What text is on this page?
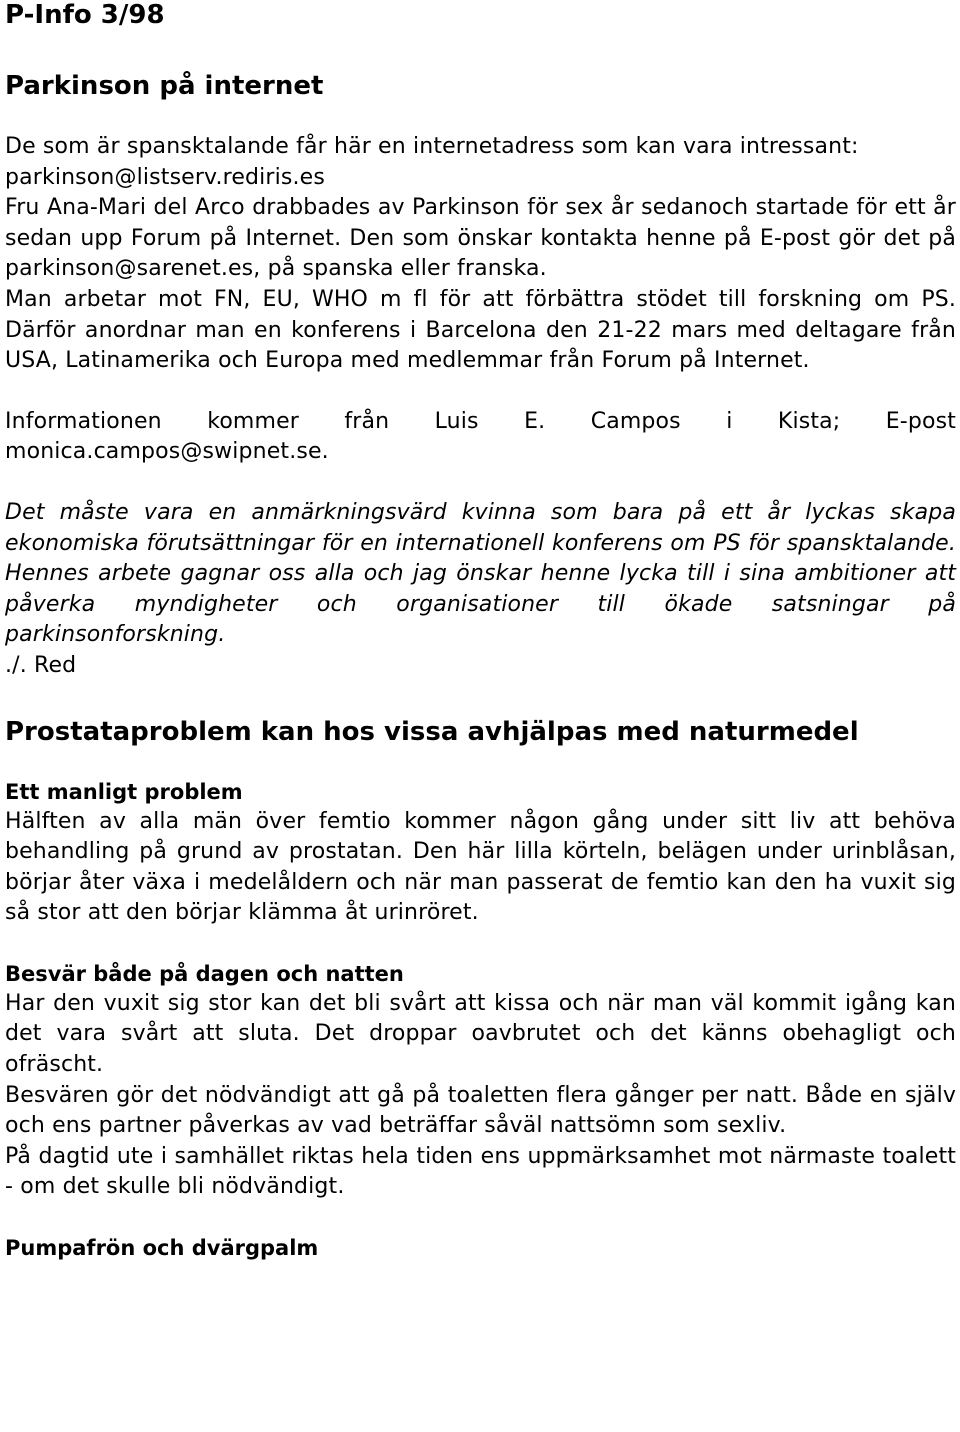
P-Info 3/98
Parkinson på internet
De som är spansktalande får här en internetadress som kan vara intressant:
parkinson@listserv.rediris.es
Fru Ana-Mari del Arco drabbades av Parkinson för sex år sedanoch startade för ett år sedan upp Forum på Internet. Den som önskar kontakta henne på E-post gör det på parkinson@sarenet.es, på spanska eller franska.
Man arbetar mot FN, EU, WHO m fl för att förbättra stödet till forskning om PS. Därför anordnar man en konferens i Barcelona den 21-22 mars med deltagare från USA, Latinamerika och Europa med medlemmar från Forum på Internet.
Informationen kommer från Luis E. Campos i Kista; E-post monica.campos@swipnet.se.
Det måste vara en anmärkningsvärd kvinna som bara på ett år lyckas skapa ekonomiska förutsättningar för en internationell konferens om PS för spansktalande. Hennes arbete gagnar oss alla och jag önskar henne lycka till i sina ambitioner att påverka myndigheter och organisationer till ökade satsningar på parkinsonforskning.
./. Red
Prostataproblem kan hos vissa avhjälpas med naturmedel
Ett manligt problem
Hälften av alla män över femtio kommer någon gång under sitt liv att behöva behandling på grund av prostatan. Den här lilla körteln, belägen under urinblåsan, börjar åter växa i medelåldern och när man passerat de femtio kan den ha vuxit sig så stor att den börjar klämma åt urinröret.
Besvär både på dagen och natten
Har den vuxit sig stor kan det bli svårt att kissa och när man väl kommit igång kan det vara svårt att sluta. Det droppar oavbrutet och det känns obehagligt och ofräscht.
Besvären gör det nödvändigt att gå på toaletten flera gånger per natt. Både en själv och ens partner påverkas av vad beträffar såväl nattsömn som sexliv.
På dagtid ute i samhället riktas hela tiden ens uppmärksamhet mot närmaste toalett - om det skulle bli nödvändigt.
Pumpafrön och dvärgpalm
